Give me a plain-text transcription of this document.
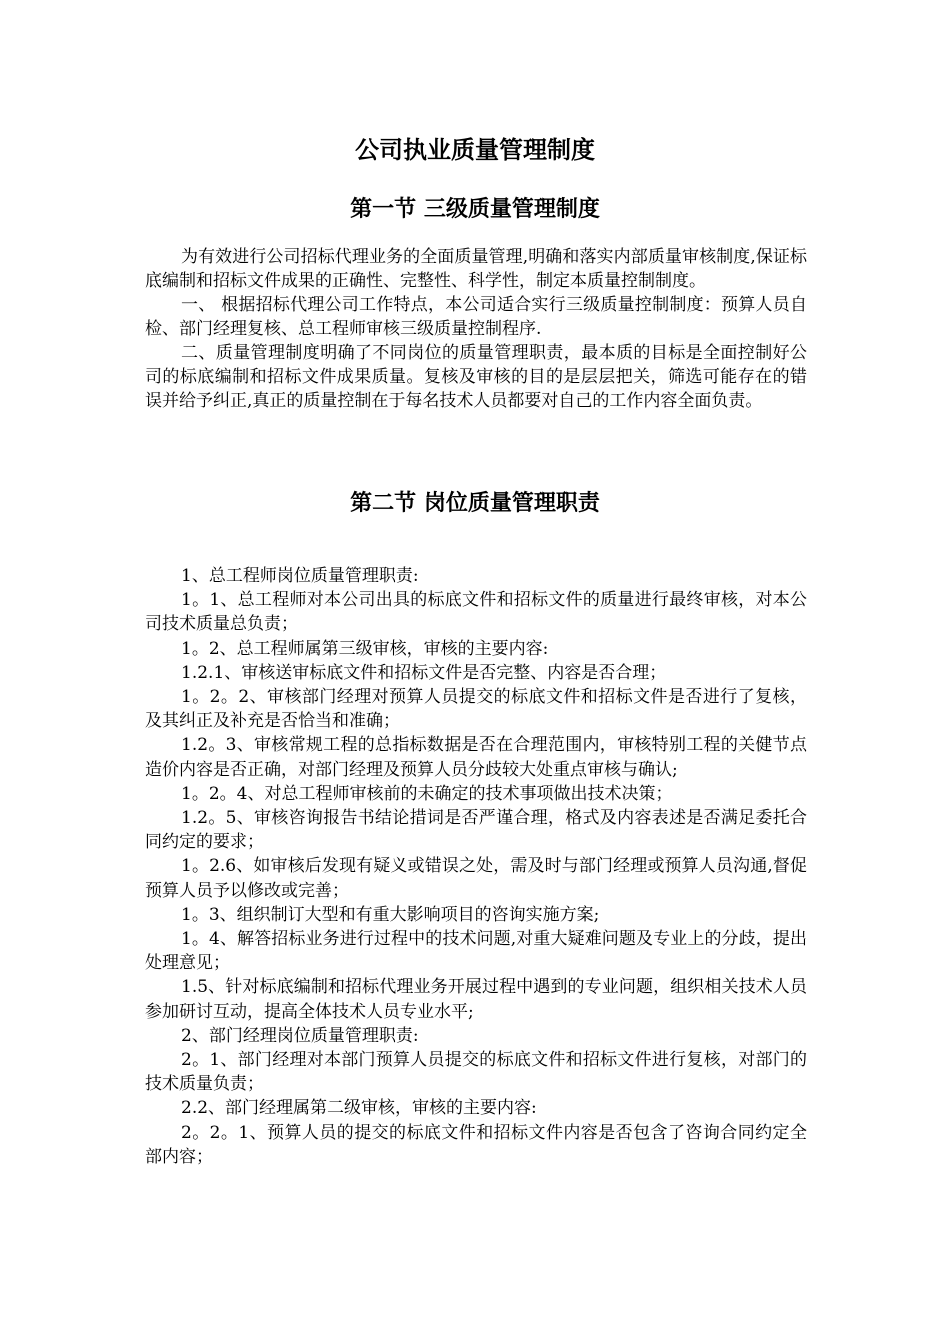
公司执业质量管理制度
第一节 三级质量管理制度

为有效进行公司招标代理业务的全面质量管理,明确和落实内部质量审核制度,保证标底编制和招标文件成果的正确性、完整性、科学性，制定本质量控制制度。

一、 根据招标代理公司工作特点，本公司适合实行三级质量控制制度：预算人员自检、部门经理复核、总工程师审核三级质量控制程序.

二、质量管理制度明确了不同岗位的质量管理职责，最本质的目标是全面控制好公司的标底编制和招标文件成果质量。复核及审核的目的是层层把关，筛选可能存在的错误并给予纠正,真正的质量控制在于每名技术人员都要对自己的工作内容全面负责。

第二节 岗位质量管理职责

1、总工程师岗位质量管理职责:

1。1、总工程师对本公司出具的标底文件和招标文件的质量进行最终审核，对本公司技术质量总负责；

1。2、总工程师属第三级审核，审核的主要内容:

1.2.1、审核送审标底文件和招标文件是否完整、内容是否合理；

1。2。2、审核部门经理对预算人员提交的标底文件和招标文件是否进行了复核，及其纠正及补充是否恰当和准确；

1.2。3、审核常规工程的总指标数据是否在合理范围内，审核特别工程的关健节点造价内容是否正确，对部门经理及预算人员分歧较大处重点审核与确认;

1。2。4、对总工程师审核前的未确定的技术事项做出技术决策；

1.2。5、审核咨询报告书结论措词是否严谨合理，格式及内容表述是否满足委托合同约定的要求；

1。2.6、如审核后发现有疑义或错误之处，需及时与部门经理或预算人员沟通,督促预算人员予以修改或完善；

1。3、组织制订大型和有重大影响项目的咨询实施方案;

1。4、解答招标业务进行过程中的技术问题,对重大疑难问题及专业上的分歧，提出处理意见；

1.5、针对标底编制和招标代理业务开展过程中遇到的专业问题，组织相关技术人员参加研讨互动，提高全体技术人员专业水平;

2、部门经理岗位质量管理职责:

2。1、部门经理对本部门预算人员提交的标底文件和招标文件进行复核，对部门的技术质量负责；

2.2、部门经理属第二级审核，审核的主要内容:

2。2。1、预算人员的提交的标底文件和招标文件内容是否包含了咨询合同约定全部内容；
